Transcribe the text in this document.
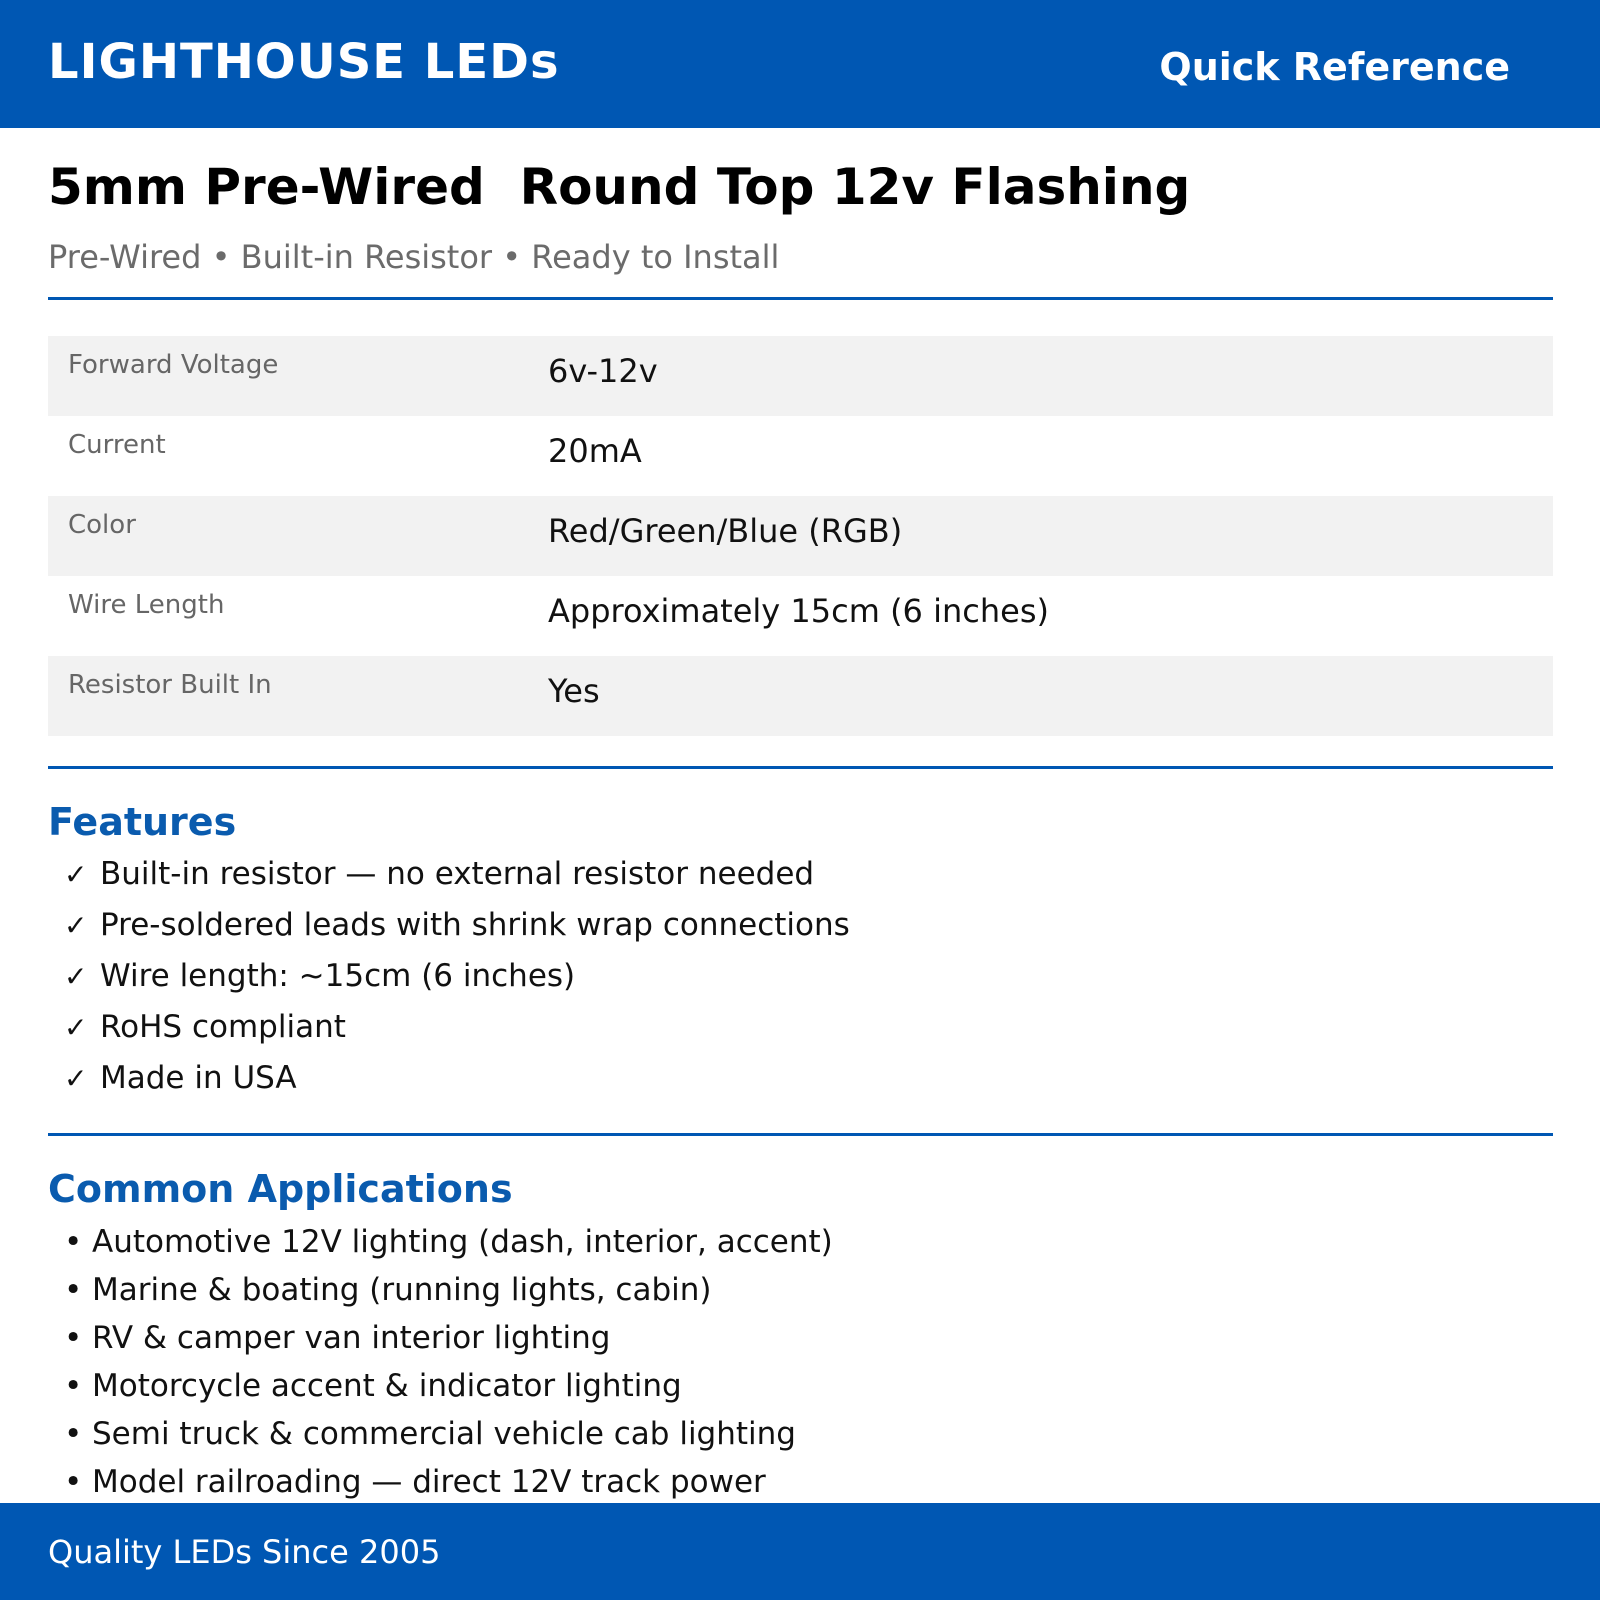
LIGHTHOUSE LEDs	Quick Reference
5mm Pre-Wired  Round Top 12v Flashing
Pre-Wired • Built-in Resistor • Ready to Install
Forward Voltage	6v-12v
Current	20mA
Color	Red/Green/Blue (RGB)
Wire Length	Approximately 15cm (6 inches)
Resistor Built In	Yes
Features
✓ Built-in resistor — no external resistor needed
✓ Pre-soldered leads with shrink wrap connections
✓ Wire length: ~15cm (6 inches)
✓ RoHS compliant
✓ Made in USA
Common Applications
• Automotive 12V lighting (dash, interior, accent)
• Marine & boating (running lights, cabin)
• RV & camper van interior lighting
• Motorcycle accent & indicator lighting
• Semi truck & commercial vehicle cab lighting
• Model railroading — direct 12V track power
Quality LEDs Since 2005
